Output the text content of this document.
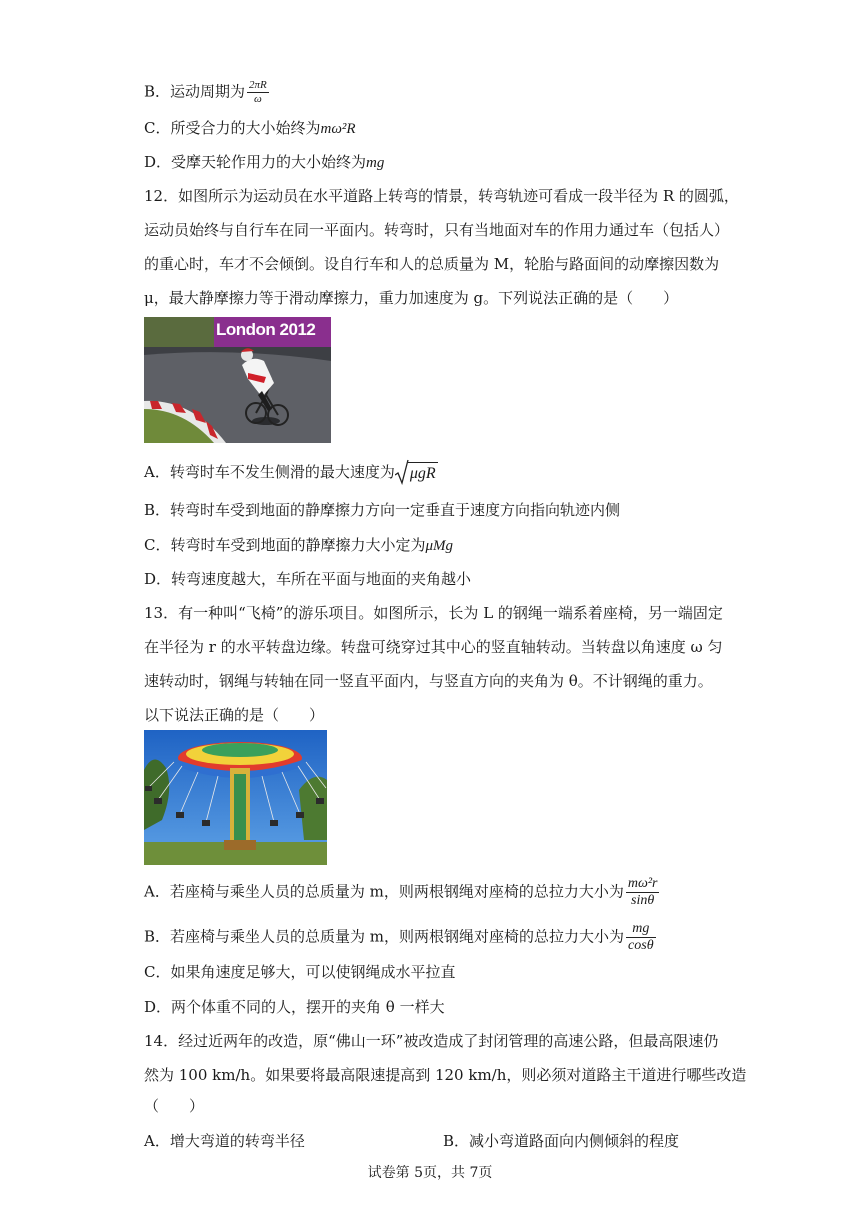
B．运动周期为 $\frac{2\pi R}{\omega}$
C．所受合力的大小始终为mω²R
D．受摩天轮作用力的大小始终为mg
12．如图所示为运动员在水平道路上转弯的情景，转弯轨迹可看成一段半径为 R 的圆弧，
运动员始终与自行车在同一平面内。转弯时，只有当地面对车的作用力通过车（包括人）
的重心时，车才不会倾倒。设自行车和人的总质量为 M，轮胎与路面间的动摩擦因数为
μ，最大静摩擦力等于滑动摩擦力，重力加速度为 g。下列说法正确的是（　　）
London 2012
A．转弯时车不发生侧滑的最大速度为 μgR
B．转弯时车受到地面的静摩擦力方向一定垂直于速度方向指向轨迹内侧
C．转弯时车受到地面的静摩擦力大小定为μMg
D．转弯速度越大，车所在平面与地面的夹角越小
13．有一种叫“飞椅”的游乐项目。如图所示，长为 L 的钢绳一端系着座椅，另一端固定
在半径为 r 的水平转盘边缘。转盘可绕穿过其中心的竖直轴转动。当转盘以角速度 ω 匀
速转动时，钢绳与转轴在同一竖直平面内，与竖直方向的夹角为 θ。不计钢绳的重力。
以下说法正确的是（　　）
A．若座椅与乘坐人员的总质量为 m，则两根钢绳对座椅的总拉力大小为 $\frac{\text{mω²r}}{\sin\theta}$
B．若座椅与乘坐人员的总质量为 m，则两根钢绳对座椅的总拉力大小为 $\frac{mg}{\cos\theta}$
C．如果角速度足够大，可以使钢绳成水平拉直
D．两个体重不同的人，摆开的夹角 θ 一样大
14．经过近两年的改造，原“佛山一环”被改造成了封闭管理的高速公路，但最高限速仍
然为 100 km/h。如果要将最高限速提高到 120 km/h，则必须对道路主干道进行哪些改造
（　　）
A．增大弯道的转弯半径	B．减小弯道路面向内侧倾斜的程度
试卷第 5页，共 7页
